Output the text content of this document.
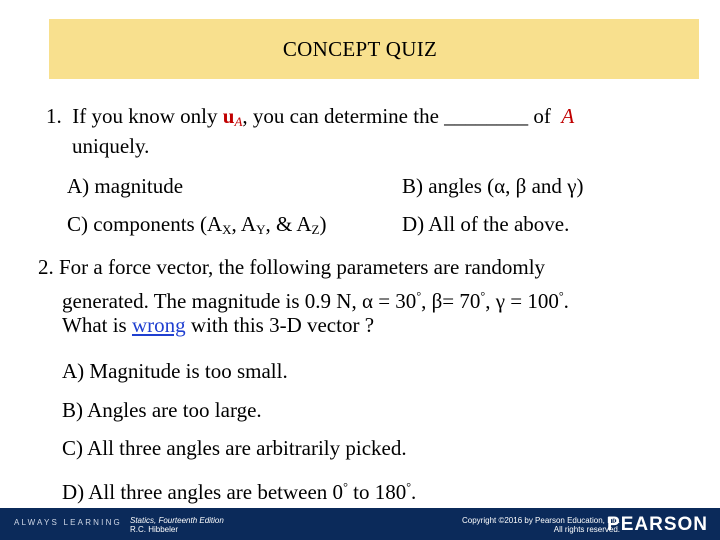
CONCEPT QUIZ
1. If you know only $u_A$, you can determine the ________ of A
uniquely.
A) magnitude	B) angles (α, β and γ)
C) components ($A_X$, $A_Y$, & $A_Z$)	D) All of the above.
2. For a force vector, the following parameters are randomly
generated. The magnitude is 0.9 N, α = 30°, β= 70°, γ = 100°.
What is wrong with this 3-D vector ?
A) Magnitude is too small.
B) Angles are too large.
C) All three angles are arbitrarily picked.
D) All three angles are between 0° to 180°.
ALWAYS LEARNING Statics, Fourteenth Edition
R.C. Hibbeler
Copyright ©2016 by Pearson Education, Inc.
All rights reserved.
PEARSON
